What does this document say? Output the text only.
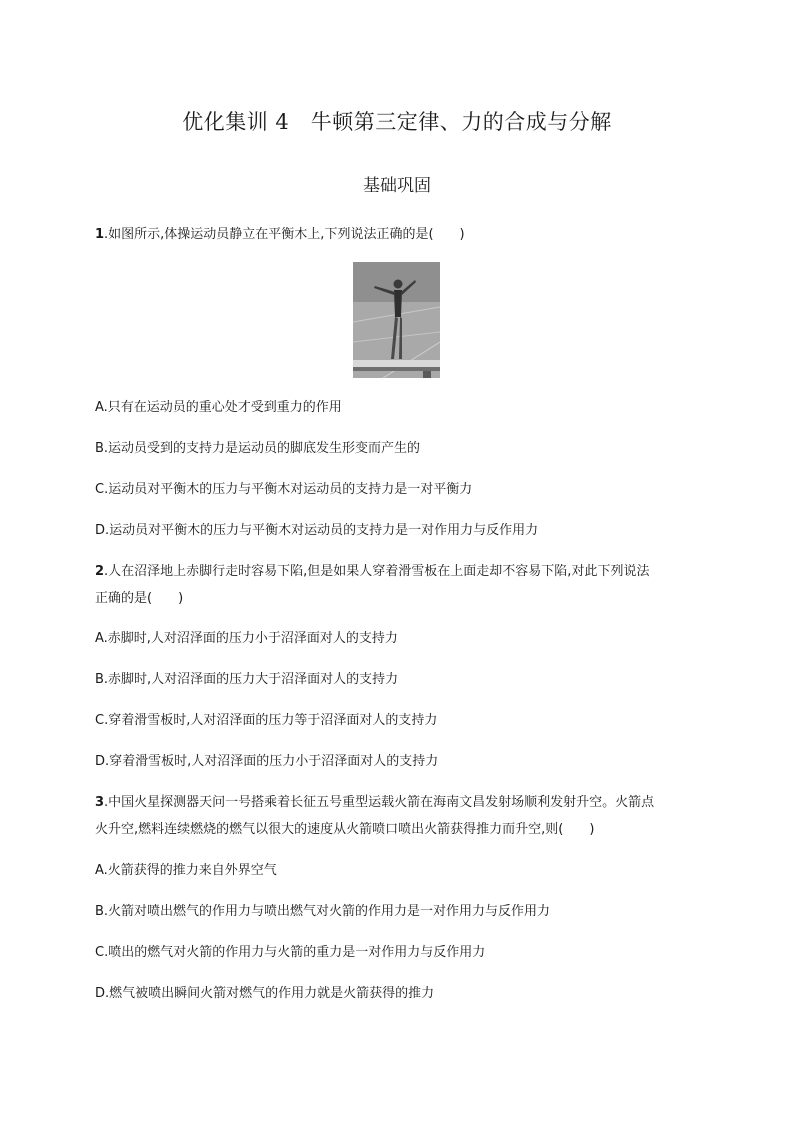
优化集训 4　牛顿第三定律、力的合成与分解
基础巩固
1.如图所示,体操运动员静立在平衡木上,下列说法正确的是(　　)
A.只有在运动员的重心处才受到重力的作用
B.运动员受到的支持力是运动员的脚底发生形变而产生的
C.运动员对平衡木的压力与平衡木对运动员的支持力是一对平衡力
D.运动员对平衡木的压力与平衡木对运动员的支持力是一对作用力与反作用力
2.人在沼泽地上赤脚行走时容易下陷,但是如果人穿着滑雪板在上面走却不容易下陷,对此下列说法
正确的是(　　)
A.赤脚时,人对沼泽面的压力小于沼泽面对人的支持力
B.赤脚时,人对沼泽面的压力大于沼泽面对人的支持力
C.穿着滑雪板时,人对沼泽面的压力等于沼泽面对人的支持力
D.穿着滑雪板时,人对沼泽面的压力小于沼泽面对人的支持力
3.中国火星探测器天问一号搭乘着长征五号重型运载火箭在海南文昌发射场顺利发射升空。火箭点
火升空,燃料连续燃烧的燃气以很大的速度从火箭喷口喷出火箭获得推力而升空,则(　　)
A.火箭获得的推力来自外界空气
B.火箭对喷出燃气的作用力与喷出燃气对火箭的作用力是一对作用力与反作用力
C.喷出的燃气对火箭的作用力与火箭的重力是一对作用力与反作用力
D.燃气被喷出瞬间火箭对燃气的作用力就是火箭获得的推力
